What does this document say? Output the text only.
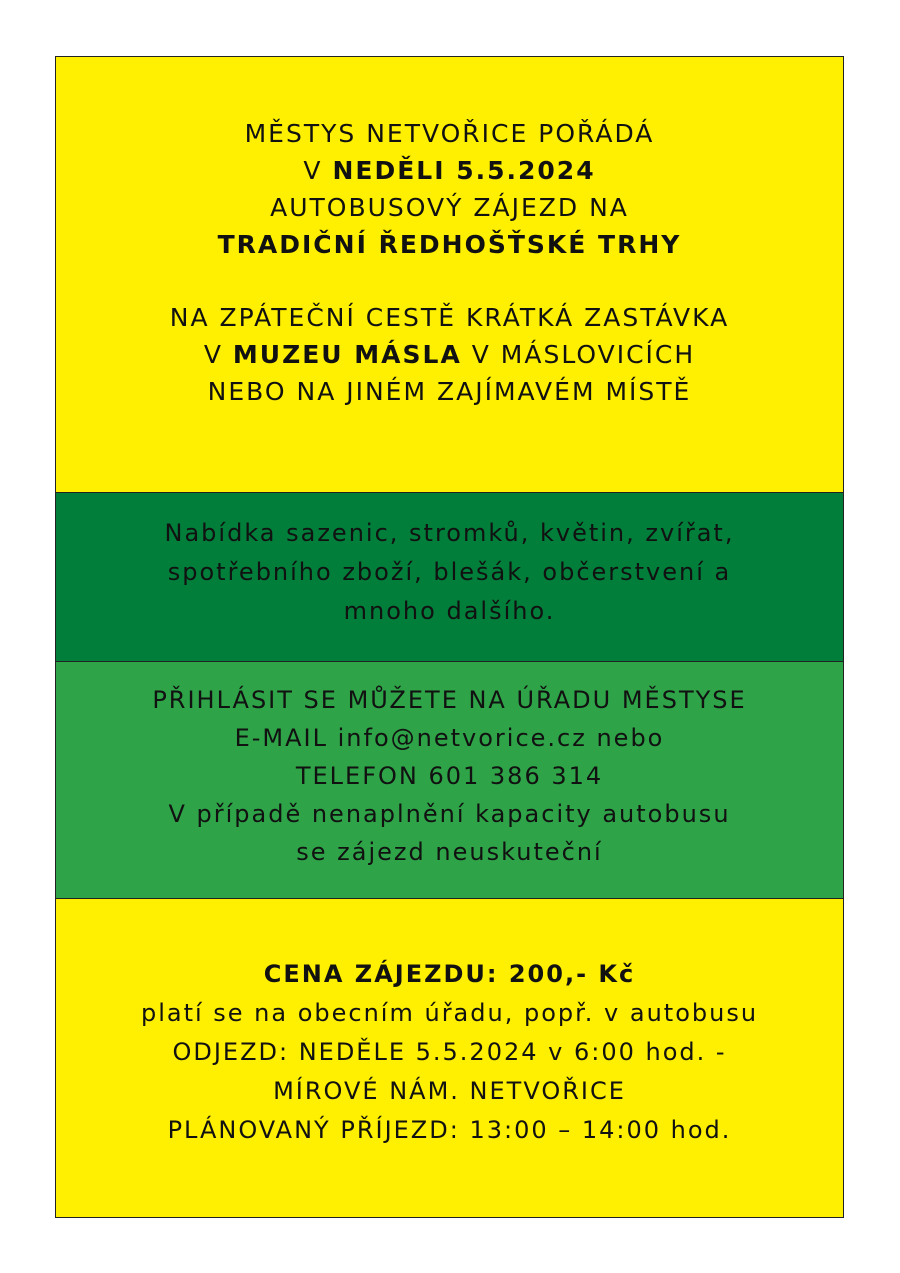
MĚSTYS NETVOŘICE POŘÁDÁ

V NEDĚLI 5.5.2024

AUTOBUSOVÝ ZÁJEZD NA

TRADIČNÍ ŘEDHOŠŤSKÉ TRHY

NA ZPÁTEČNÍ CESTĚ KRÁTKÁ ZASTÁVKA

V MUZEU MÁSLA V MÁSLOVICÍCH

NEBO NA JINÉM ZAJÍMAVÉM MÍSTĚ

Nabídka sazenic, stromků, květin, zvířat,

spotřebního zboží, blešák, občerstvení a

mnoho dalšího.

PŘIHLÁSIT SE MŮŽETE NA ÚŘADU MĚSTYSE

E-MAIL info@netvorice.cz nebo

TELEFON 601 386 314

V případě nenaplnění kapacity autobusu

se zájezd neuskuteční

CENA ZÁJEZDU: 200,- Kč

platí se na obecním úřadu, popř. v autobusu

ODJEZD: NEDĚLE 5.5.2024 v 6:00 hod. -

MÍROVÉ NÁM. NETVOŘICE

PLÁNOVANÝ PŘÍJEZD: 13:00 – 14:00 hod.
